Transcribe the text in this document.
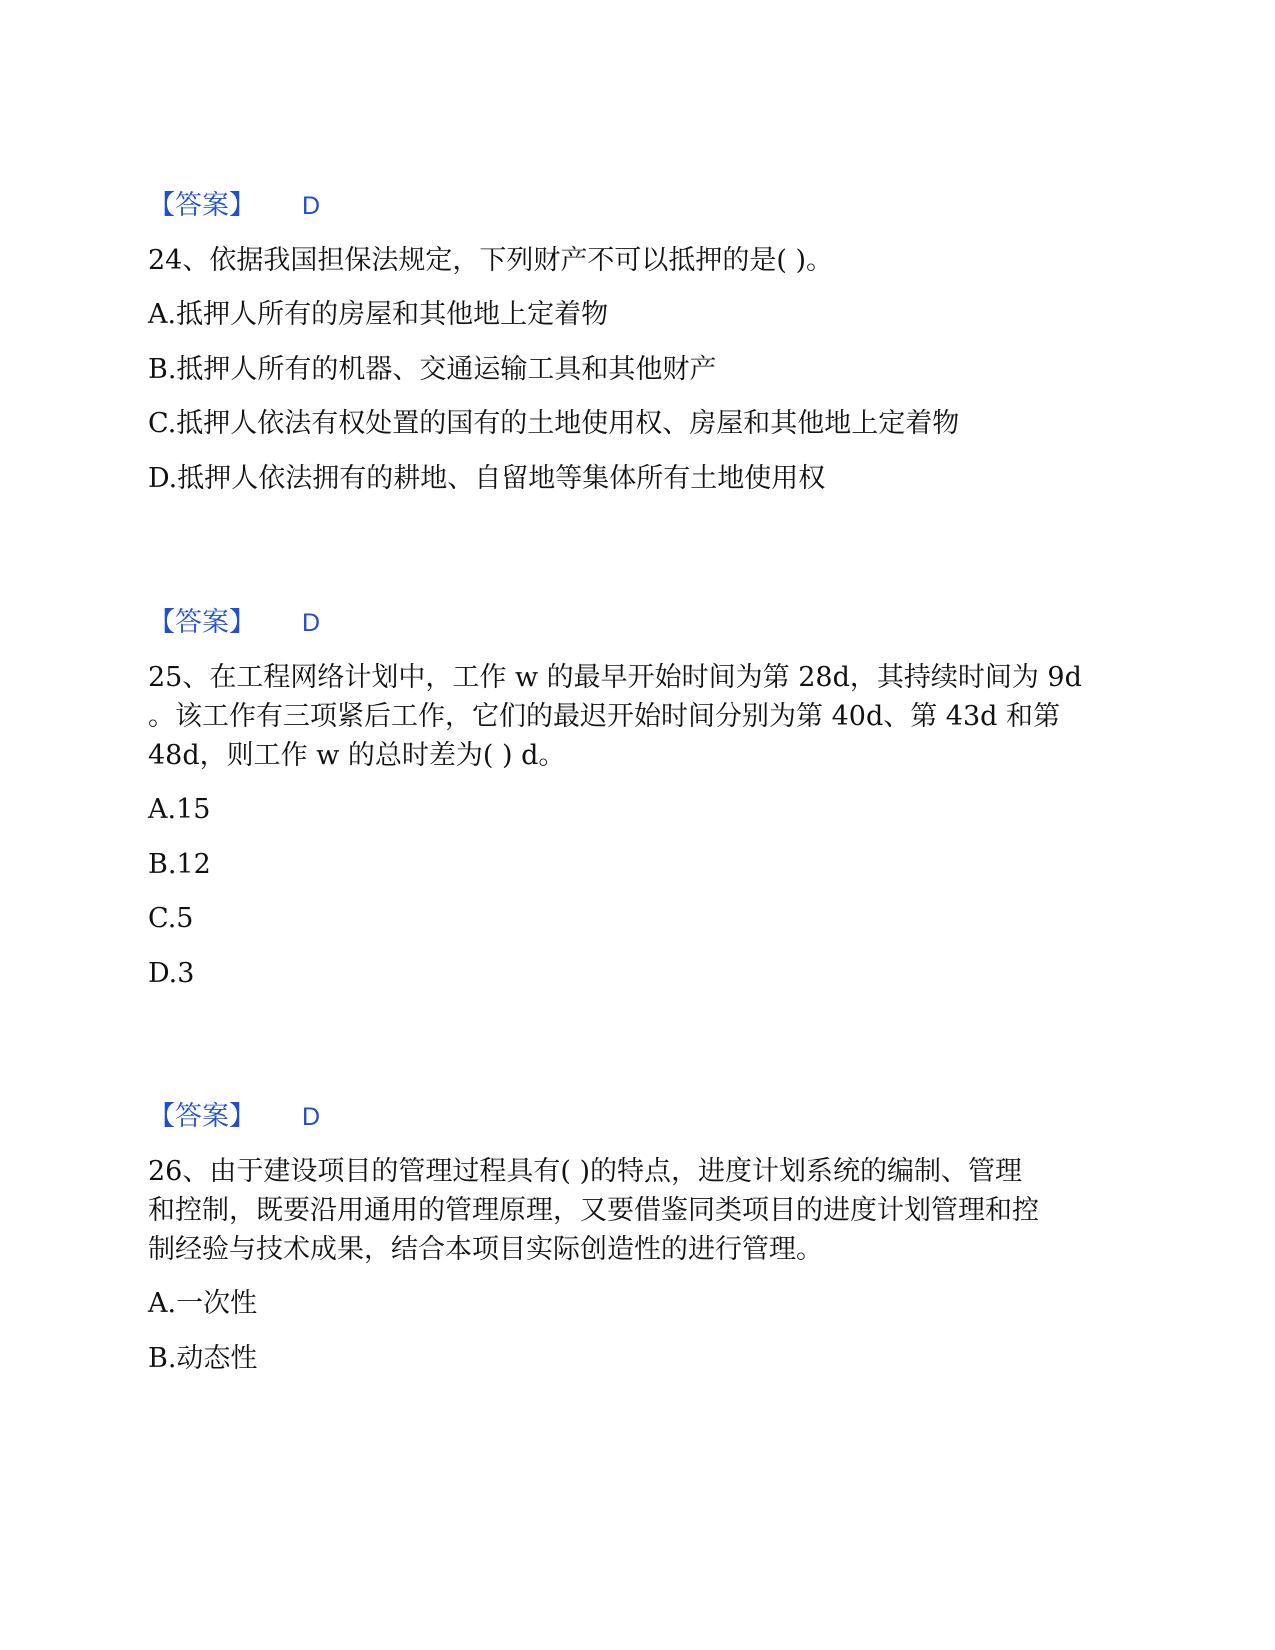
【答案】 D

24、依据我国担保法规定，下列财产不可以抵押的是( )。

A.抵押人所有的房屋和其他地上定着物

B.抵押人所有的机器、交通运输工具和其他财产

C.抵押人依法有权处置的国有的土地使用权、房屋和其他地上定着物

D.抵押人依法拥有的耕地、自留地等集体所有土地使用权

【答案】 D

25、在工程网络计划中，工作 w 的最早开始时间为第 28d，其持续时间为 9d

。该工作有三项紧后工作，它们的最迟开始时间分别为第 40d、第 43d 和第

48d，则工作 w 的总时差为( ) d。

A.15

B.12

C.5

D.3

【答案】 D

26、由于建设项目的管理过程具有( )的特点，进度计划系统的编制、管理

和控制，既要沿用通用的管理原理，又要借鉴同类项目的进度计划管理和控

制经验与技术成果，结合本项目实际创造性的进行管理。

A.一次性

B.动态性
